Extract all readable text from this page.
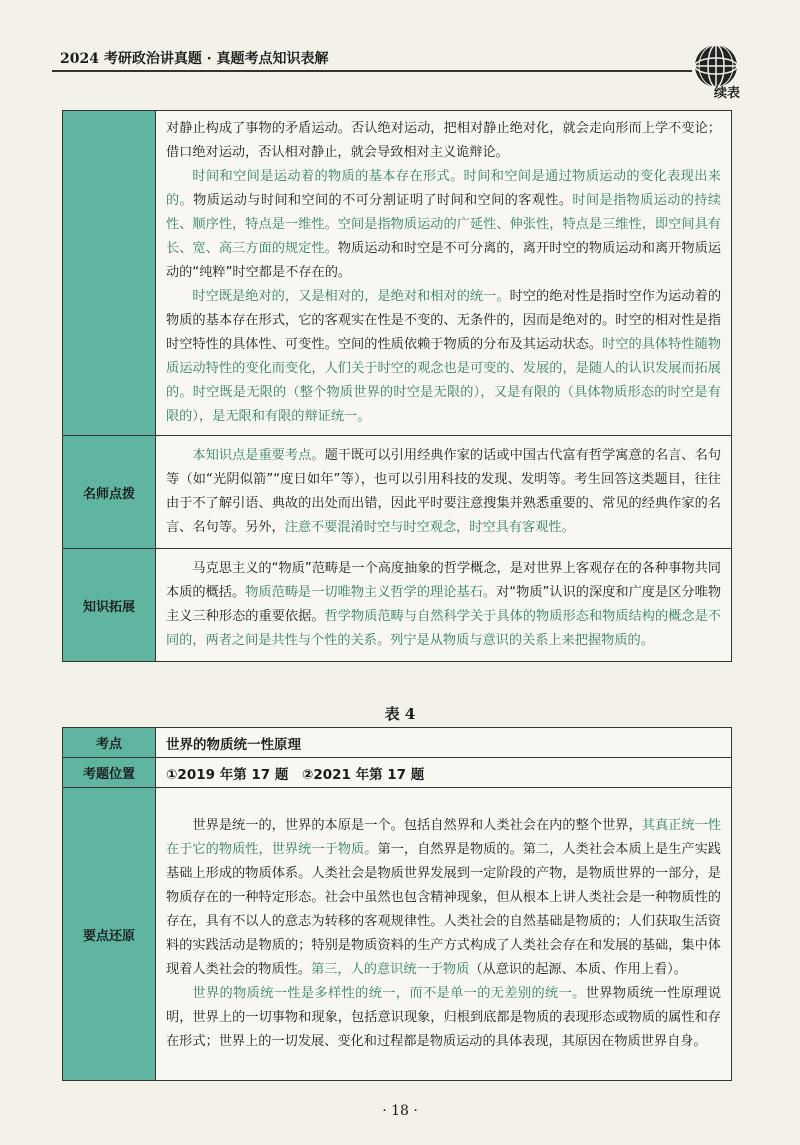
2024 考研政治讲真题 · 真题考点知识表解
续表

	对静止构成了事物的矛盾运动。否认绝对运动，把相对静止绝对化，就会走向形而上学不变论；借口绝对运动，否认相对静止，就会导致相对主义诡辩论。

时间和空间是运动着的物质的基本存在形式。时间和空间是通过物质运动的变化表现出来的。物质运动与时间和空间的不可分割证明了时间和空间的客观性。时间是指物质运动的持续性、顺序性，特点是一维性。空间是指物质运动的广延性、伸张性，特点是三维性，即空间具有长、宽、高三方面的规定性。物质运动和时空是不可分离的，离开时空的物质运动和离开物质运动的“纯粹”时空都是不存在的。

时空既是绝对的，又是相对的，是绝对和相对的统一。时空的绝对性是指时空作为运动着的物质的基本存在形式，它的客观实在性是不变的、无条件的，因而是绝对的。时空的相对性是指时空特性的具体性、可变性。空间的性质依赖于物质的分布及其运动状态。时空的具体特性随物质运动特性的变化而变化，人们关于时空的观念也是可变的、发展的，是随人的认识发展而拓展的。时空既是无限的（整个物质世界的时空是无限的），又是有限的（具体物质形态的时空是有限的），是无限和有限的辩证统一。

名师点拨	本知识点是重要考点。题干既可以引用经典作家的话或中国古代富有哲学寓意的名言、名句等（如“光阴似箭”“度日如年”等），也可以引用科技的发现、发明等。考生回答这类题目，往往由于不了解引语、典故的出处而出错，因此平时要注意搜集并熟悉重要的、常见的经典作家的名言、名句等。另外，注意不要混淆时空与时空观念，时空具有客观性。

知识拓展	马克思主义的“物质”范畴是一个高度抽象的哲学概念，是对世界上客观存在的各种事物共同本质的概括。物质范畴是一切唯物主义哲学的理论基石。对“物质”认识的深度和广度是区分唯物主义三种形态的重要依据。哲学物质范畴与自然科学关于具体的物质形态和物质结构的概念是不同的，两者之间是共性与个性的关系。列宁是从物质与意识的关系上来把握物质的。

表 4
考点	世界的物质统一性原理
考题位置	①2019 年第 17 题　②2021 年第 17 题
要点还原	世界是统一的，世界的本原是一个。包括自然界和人类社会在内的整个世界，其真正统一性在于它的物质性，世界统一于物质。第一，自然界是物质的。第二，人类社会本质上是生产实践基础上形成的物质体系。人类社会是物质世界发展到一定阶段的产物，是物质世界的一部分，是物质存在的一种特定形态。社会中虽然也包含精神现象，但从根本上讲人类社会是一种物质性的存在，具有不以人的意志为转移的客观规律性。人类社会的自然基础是物质的；人们获取生活资料的实践活动是物质的；特别是物质资料的生产方式构成了人类社会存在和发展的基础，集中体现着人类社会的物质性。第三，人的意识统一于物质（从意识的起源、本质、作用上看）。

世界的物质统一性是多样性的统一，而不是单一的无差别的统一。世界物质统一性原理说明，世界上的一切事物和现象，包括意识现象，归根到底都是物质的表现形态或物质的属性和存在形式；世界上的一切发展、变化和过程都是物质运动的具体表现，其原因在物质世界自身。

· 18 ·
